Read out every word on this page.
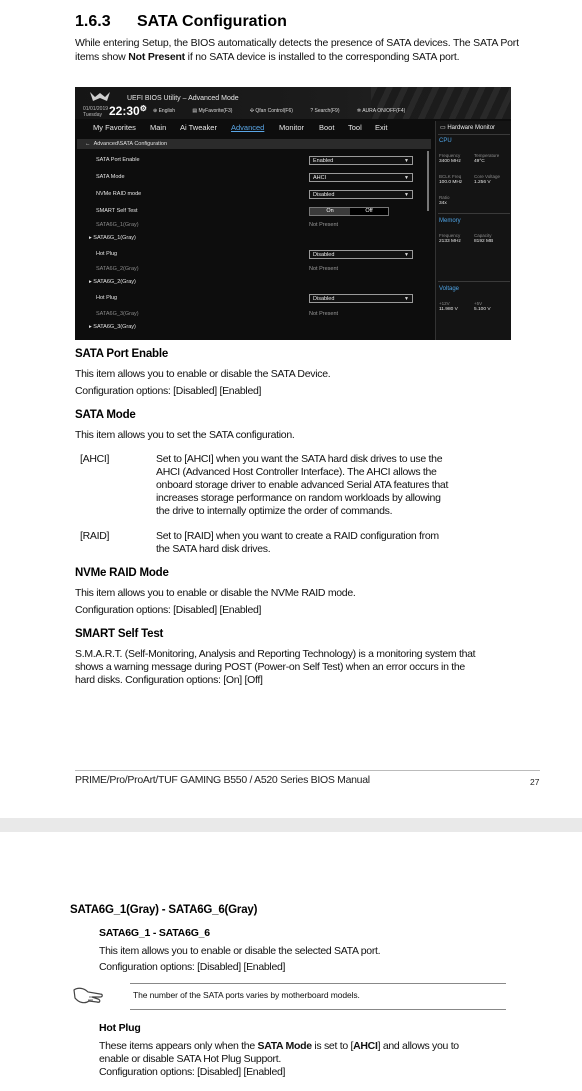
1.6.3 SATA Configuration
While entering Setup, the BIOS automatically detects the presence of SATA devices. The SATA Port items show Not Present if no SATA device is installed to the corresponding SATA port.
UEFI BIOS Utility – Advanced Mode
01/01/2019
Tuesday 22:30⚙ ⊕ English	▤ MyFavorite(F3)	✣ Qfan Control(F6)	? Search(F9)	✲ AURA ON/OFF(F4)
My Favorites Main Ai Tweaker Advanced Monitor Boot Tool Exit
← Advanced\SATA Configuration
SATA Port Enable	Enabled	▼
SATA Mode	AHCI	▼
NVMe RAID mode	Disabled	▼
SMART Self Test	On	Off
SATA6G_1(Gray)	Not Present
▸ SATA6G_1(Gray)
Hot Plug	Disabled	▼
SATA6G_2(Gray)	Not Present
▸ SATA6G_2(Gray)
Hot Plug	Disabled	▼
SATA6G_3(Gray)	Not Present
▸ SATA6G_3(Gray)
▭ Hardware Monitor
CPU
Frequency	Temperature
3400 MHz	49°C
BCLK Freq	Core Voltage
100.0 MHz 1.256 V
Ratio
34x
Memory
Frequency	Capacity
2133 MHz	8192 MB
Voltage
+12V	+5V
11.980 V	5.100 V
SATA Port Enable
This item allows you to enable or disable the SATA Device.
Configuration options: [Disabled] [Enabled]
SATA Mode
This item allows you to set the SATA configuration.
[AHCI]	Set to [AHCI] when you want the SATA hard disk drives to use the
AHCI (Advanced Host Controller Interface). The AHCI allows the
onboard storage driver to enable advanced Serial ATA features that
increases storage performance on random workloads by allowing
the drive to internally optimize the order of commands.
[RAID]	Set to [RAID] when you want to create a RAID configuration from
the SATA hard disk drives.
NVMe RAID Mode
This item allows you to enable or disable the NVMe RAID mode.
Configuration options: [Disabled] [Enabled]
SMART Self Test
S.M.A.R.T. (Self-Monitoring, Analysis and Reporting Technology) is a monitoring system that
shows a warning message during POST (Power-on Self Test) when an error occurs in the
hard disks. Configuration options: [On] [Off]
PRIME/Pro/ProArt/TUF GAMING B550 / A520 Series BIOS Manual	27
SATA6G_1(Gray) - SATA6G_6(Gray)
SATA6G_1 - SATA6G_6
This item allows you to enable or disable the selected SATA port.
Configuration options: [Disabled] [Enabled]
The number of the SATA ports varies by motherboard models.
Hot Plug
These items appears only when the SATA Mode is set to [AHCI] and allows you to
enable or disable SATA Hot Plug Support.
Configuration options: [Disabled] [Enabled]
